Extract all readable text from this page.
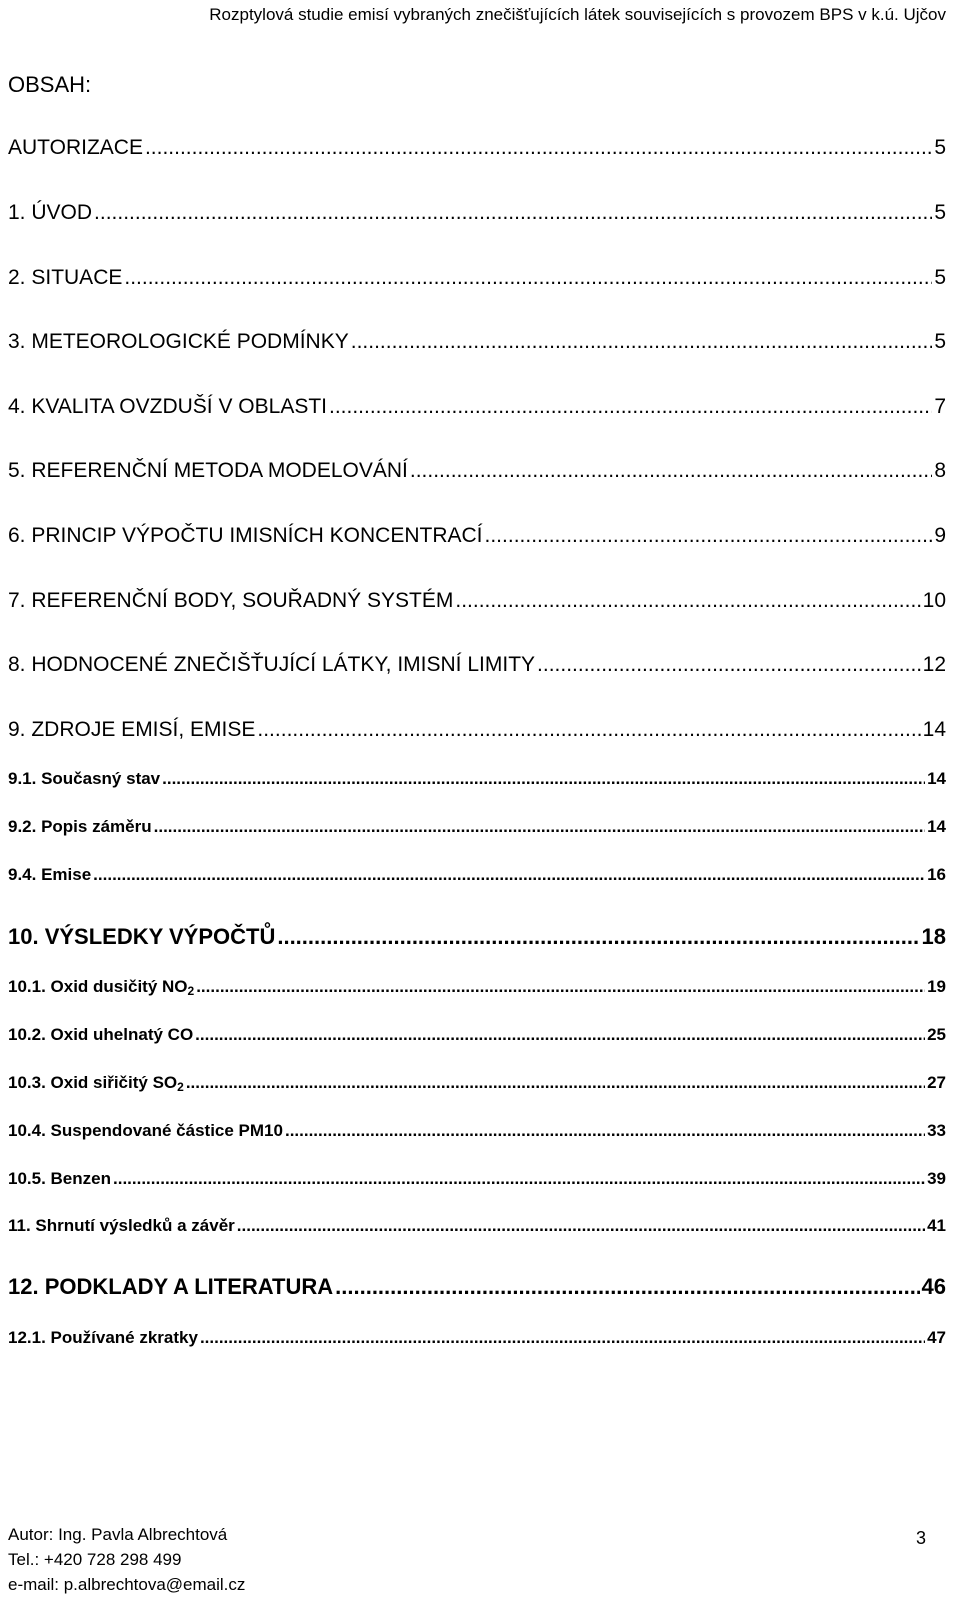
Rozptylová studie emisí vybraných znečišťujících látek souvisejících s provozem BPS v k.ú. Ujčov
OBSAH:
AUTORIZACE .....	5
1. ÚVOD .....	5
2. SITUACE .....	5
3. METEOROLOGICKÉ PODMÍNKY .....	5
4. KVALITA OVZDUŠÍ V OBLASTI .....	7
5. REFERENČNÍ METODA MODELOVÁNÍ .....	8
6. PRINCIP VÝPOČTU IMISNÍCH KONCENTRACÍ .....	9
7. REFERENČNÍ BODY, SOUŘADNÝ SYSTÉM .....	10
8. HODNOCENÉ ZNEČIŠŤUJÍCÍ LÁTKY, IMISNÍ LIMITY .....	12
9. ZDROJE EMISÍ, EMISE .....	14
9.1. Současný stav .....	14
9.2. Popis záměru .....	14
9.4. Emise .....	16
10. VÝSLEDKY VÝPOČTŮ .....	18
10.1. Oxid dusičitý $NO_2$ .....	19
10.2. Oxid uhelnatý CO .....	25
10.3. Oxid siřičitý $SO_2$ .....	27
10.4. Suspendované částice PM10 .....	33
10.5. Benzen .....	39
11. Shrnutí výsledků a závěr .....	41
12. PODKLADY A LITERATURA .....	46
12.1. Používané zkratky .....	47
Autor: Ing. Pavla Albrechtová
Tel.: +420 728 298 499
e-mail: p.albrechtova@email.cz
3
